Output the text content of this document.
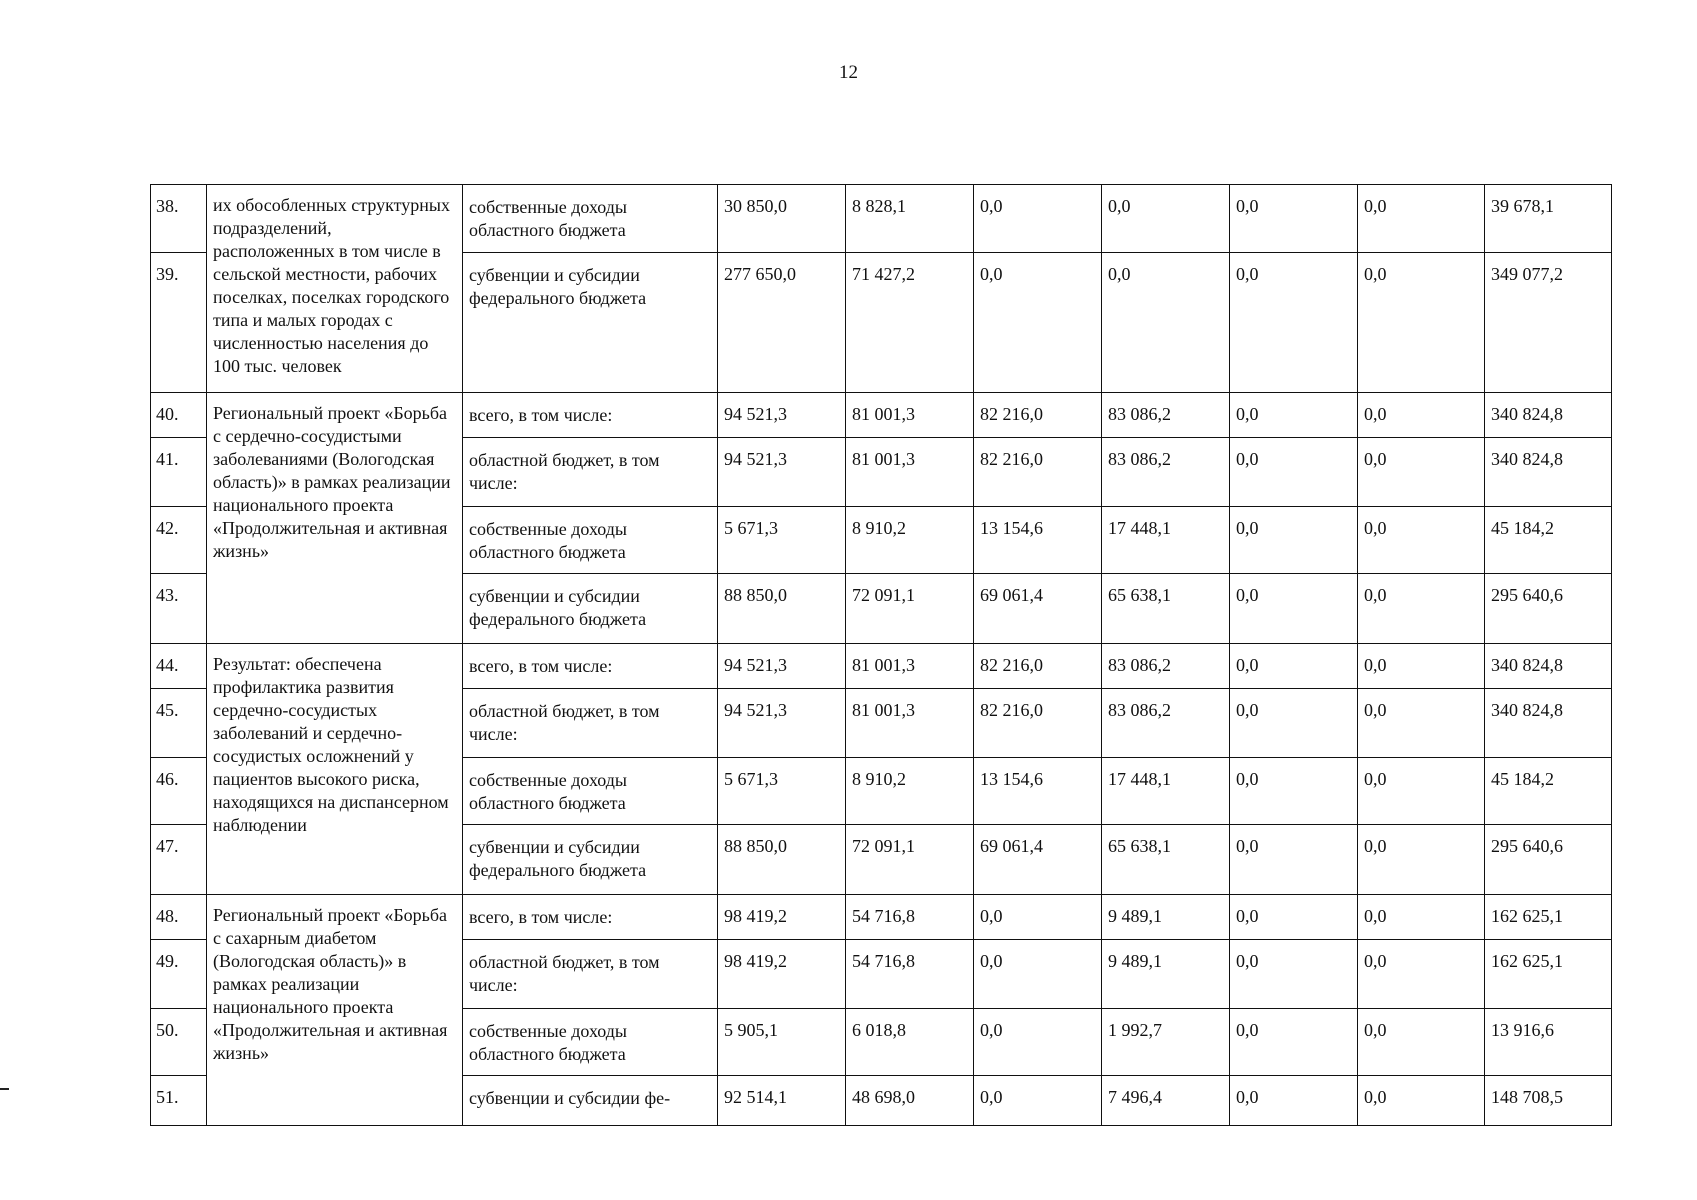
12
38.	их обособленных структурных подразделений, расположенных в том числе в сельской местности, рабочих поселках, поселках городского типа и малых городах с численностью населения до 100 тыс. человек	собственные доходы областного бюджета	30 850,0	8 828,1	0,0	0,0	0,0	0,0	39 678,1
39.		субвенции и субсидии федерального бюджета	277 650,0	71 427,2	0,0	0,0	0,0	0,0	349 077,2
40.	Региональный проект «Борьба с сердечно-сосудистыми заболеваниями (Вологодская область)» в рамках реализации национального проекта «Продолжительная и активная жизнь»	всего, в том числе:	94 521,3	81 001,3	82 216,0	83 086,2	0,0	0,0	340 824,8
41.		областной бюджет, в том числе:	94 521,3	81 001,3	82 216,0	83 086,2	0,0	0,0	340 824,8
42.		собственные доходы областного бюджета	5 671,3	8 910,2	13 154,6	17 448,1	0,0	0,0	45 184,2
43.		субвенции и субсидии федерального бюджета	88 850,0	72 091,1	69 061,4	65 638,1	0,0	0,0	295 640,6
44.	Результат: обеспечена профилактика развития сердечно-сосудистых заболеваний и сердечно-сосудистых осложнений у пациентов высокого риска, находящихся на диспансерном наблюдении	всего, в том числе:	94 521,3	81 001,3	82 216,0	83 086,2	0,0	0,0	340 824,8
45.		областной бюджет, в том числе:	94 521,3	81 001,3	82 216,0	83 086,2	0,0	0,0	340 824,8
46.		собственные доходы областного бюджета	5 671,3	8 910,2	13 154,6	17 448,1	0,0	0,0	45 184,2
47.		субвенции и субсидии федерального бюджета	88 850,0	72 091,1	69 061,4	65 638,1	0,0	0,0	295 640,6
48.	Региональный проект «Борьба с сахарным диабетом (Вологодская область)» в рамках реализации национального проекта «Продолжительная и активная жизнь»	всего, в том числе:	98 419,2	54 716,8	0,0	9 489,1	0,0	0,0	162 625,1
49.		областной бюджет, в том числе:	98 419,2	54 716,8	0,0	9 489,1	0,0	0,0	162 625,1
50.		собственные доходы областного бюджета	5 905,1	6 018,8	0,0	1 992,7	0,0	0,0	13 916,6
51.		субвенции и субсидии фе-	92 514,1	48 698,0	0,0	7 496,4	0,0	0,0	148 708,5
